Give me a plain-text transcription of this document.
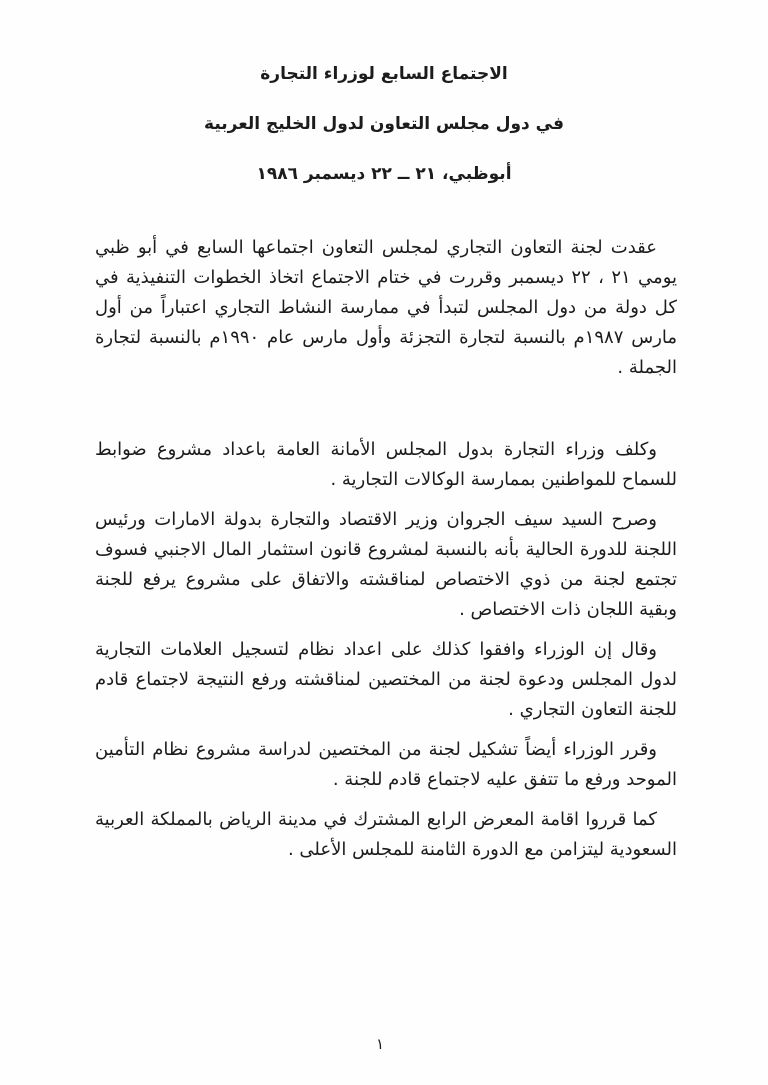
الاجتماع السابع لوزراء التجارة
في دول مجلس التعاون لدول الخليج العربية
أبوظبي، ٢١ ــ ٢٢ ديسمبر ١٩٨٦

عقدت لجنة التعاون التجاري لمجلس التعاون اجتماعها السابع في أبو ظبي يومي ٢١ ، ٢٢ ديسمبر وقررت في ختام الاجتماع اتخاذ الخطوات التنفيذية في كل دولة من دول المجلس لتبدأ في ممارسة النشاط التجاري اعتباراً من أول مارس ١٩٨٧م بالنسبة لتجارة التجزئة وأول مارس عام ١٩٩٠م بالنسبة لتجارة الجملة .

وكلف وزراء التجارة بدول المجلس الأمانة العامة باعداد مشروع ضوابط للسماح للمواطنين بممارسة الوكالات التجارية .

وصرح السيد سيف الجروان وزير الاقتصاد والتجارة بدولة الامارات ورئيس اللجنة للدورة الحالية بأنه بالنسبة لمشروع قانون استثمار المال الاجنبي فسوف تجتمع لجنة من ذوي الاختصاص لمناقشته والاتفاق على مشروع يرفع للجنة وبقية اللجان ذات الاختصاص .

وقال إن الوزراء وافقوا كذلك على اعداد نظام لتسجيل العلامات التجارية لدول المجلس ودعوة لجنة من المختصين لمناقشته ورفع النتيجة لاجتماع قادم للجنة التعاون التجاري .

وقرر الوزراء أيضاً تشكيل لجنة من المختصين لدراسة مشروع نظام التأمين الموحد ورفع ما تتفق عليه لاجتماع قادم للجنة .

كما قرروا اقامة المعرض الرابع المشترك في مدينة الرياض بالمملكة العربية السعودية ليتزامن مع الدورة الثامنة للمجلس الأعلى .

١
